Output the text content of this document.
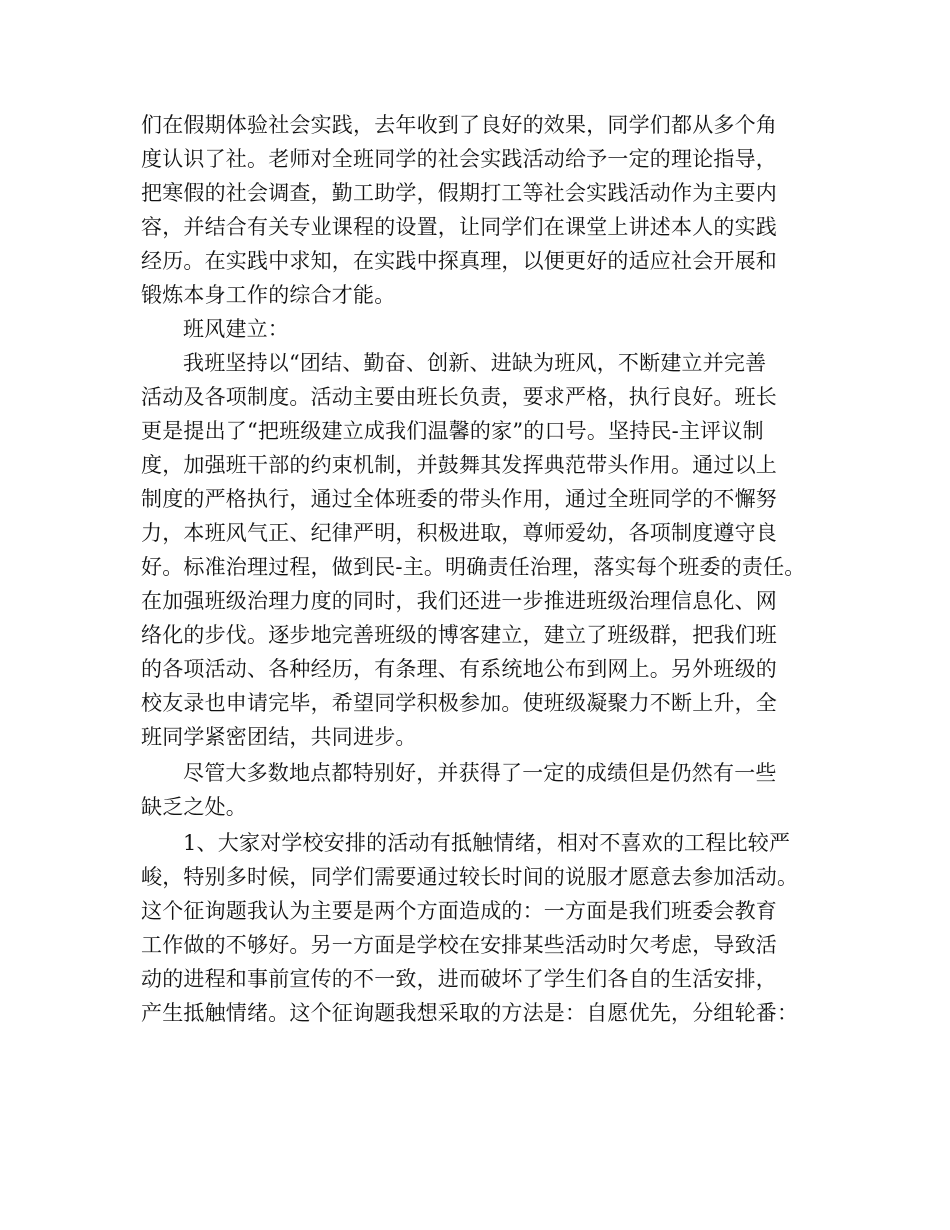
们在假期体验社会实践，去年收到了良好的效果，同学们都从多个角
度认识了社。老师对全班同学的社会实践活动给予一定的理论指导，
把寒假的社会调查，勤工助学，假期打工等社会实践活动作为主要内
容，并结合有关专业课程的设置，让同学们在课堂上讲述本人的实践
经历。在实践中求知，在实践中探真理，以便更好的适应社会开展和
锻炼本身工作的综合才能。
班风建立：
我班坚持以“团结、勤奋、创新、进缺为班风，不断建立并完善
活动及各项制度。活动主要由班长负责，要求严格，执行良好。班长
更是提出了“把班级建立成我们温馨的家”的口号。坚持民-主评议制
度，加强班干部的约束机制，并鼓舞其发挥典范带头作用。通过以上
制度的严格执行，通过全体班委的带头作用，通过全班同学的不懈努
力，本班风气正、纪律严明，积极进取，尊师爱幼，各项制度遵守良
好。标准治理过程，做到民-主。明确责任治理，落实每个班委的责任。
在加强班级治理力度的同时，我们还进一步推进班级治理信息化、网
络化的步伐。逐步地完善班级的博客建立，建立了班级群，把我们班
的各项活动、各种经历，有条理、有系统地公布到网上。另外班级的
校友录也申请完毕，希望同学积极参加。使班级凝聚力不断上升，全
班同学紧密团结，共同进步。
尽管大多数地点都特别好，并获得了一定的成绩但是仍然有一些
缺乏之处。
1、大家对学校安排的活动有抵触情绪，相对不喜欢的工程比较严
峻，特别多时候，同学们需要通过较长时间的说服才愿意去参加活动。
这个征询题我认为主要是两个方面造成的：一方面是我们班委会教育
工作做的不够好。另一方面是学校在安排某些活动时欠考虑，导致活
动的进程和事前宣传的不一致，进而破坏了学生们各自的生活安排，
产生抵触情绪。这个征询题我想采取的方法是：自愿优先，分组轮番：
